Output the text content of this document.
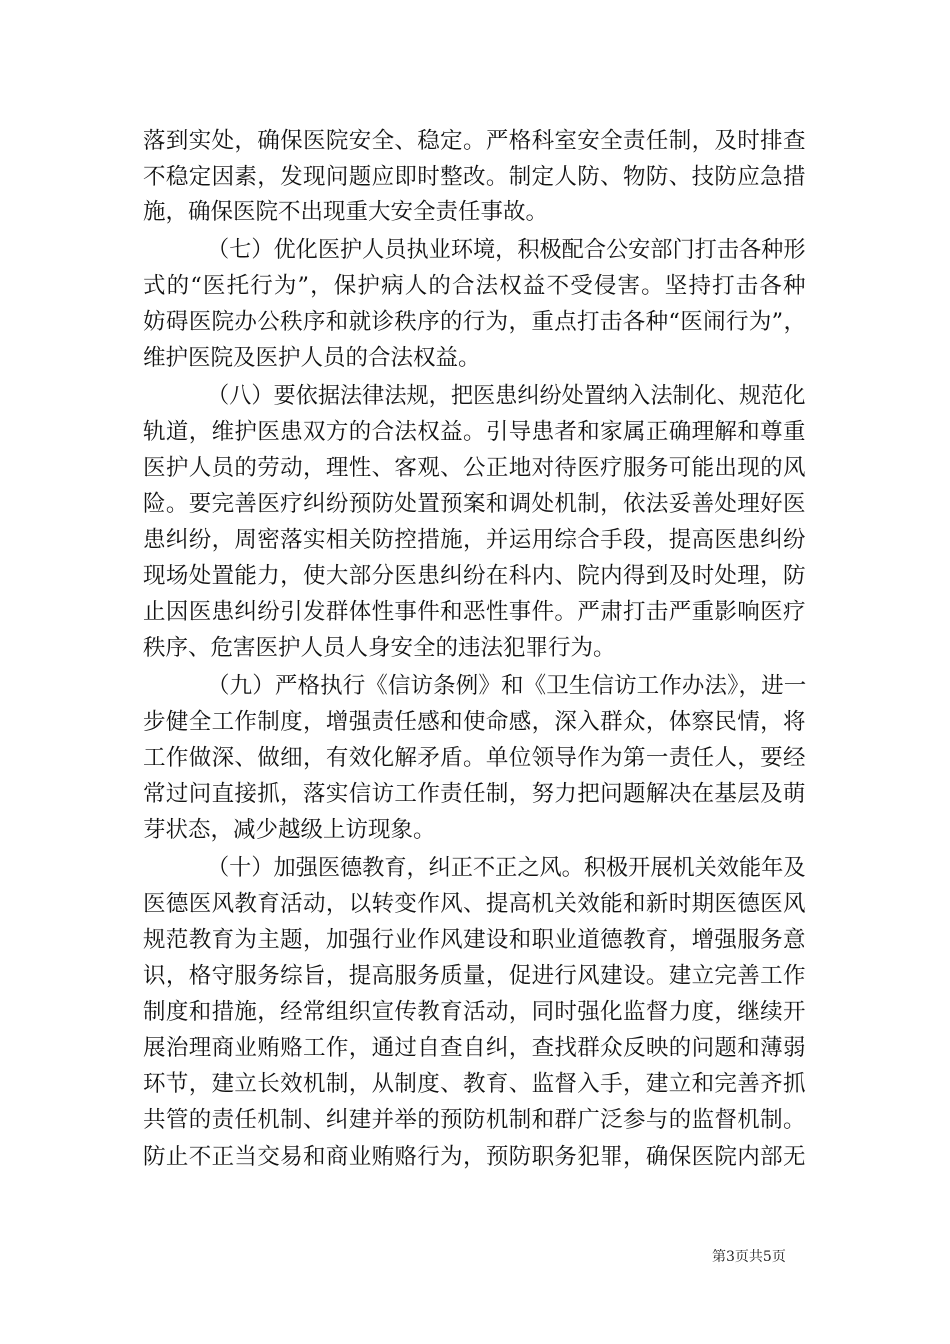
落到实处，确保医院安全、稳定。严格科室安全责任制，及时排查
不稳定因素，发现问题应即时整改。制定人防、物防、技防应急措
施，确保医院不出现重大安全责任事故。
（七）优化医护人员执业环境，积极配合公安部门打击各种形
式的“医托行为”，保护病人的合法权益不受侵害。坚持打击各种
妨碍医院办公秩序和就诊秩序的行为，重点打击各种“医闹行为”，
维护医院及医护人员的合法权益。
（八）要依据法律法规，把医患纠纷处置纳入法制化、规范化
轨道，维护医患双方的合法权益。引导患者和家属正确理解和尊重
医护人员的劳动，理性、客观、公正地对待医疗服务可能出现的风
险。要完善医疗纠纷预防处置预案和调处机制，依法妥善处理好医
患纠纷，周密落实相关防控措施，并运用综合手段，提高医患纠纷
现场处置能力，使大部分医患纠纷在科内、院内得到及时处理，防
止因医患纠纷引发群体性事件和恶性事件。严肃打击严重影响医疗
秩序、危害医护人员人身安全的违法犯罪行为。
（九）严格执行《信访条例》和《卫生信访工作办法》，进一
步健全工作制度，增强责任感和使命感，深入群众，体察民情，将
工作做深、做细，有效化解矛盾。单位领导作为第一责任人，要经
常过问直接抓，落实信访工作责任制，努力把问题解决在基层及萌
芽状态，减少越级上访现象。
（十）加强医德教育，纠正不正之风。积极开展机关效能年及
医德医风教育活动，以转变作风、提高机关效能和新时期医德医风
规范教育为主题，加强行业作风建设和职业道德教育，增强服务意
识，格守服务综旨，提高服务质量，促进行风建设。建立完善工作
制度和措施，经常组织宣传教育活动，同时强化监督力度，继续开
展治理商业贿赂工作，通过自查自纠，查找群众反映的问题和薄弱
环节，建立长效机制，从制度、教育、监督入手，建立和完善齐抓
共管的责任机制、纠建并举的预防机制和群广泛参与的监督机制。
防止不正当交易和商业贿赂行为，预防职务犯罪，确保医院内部无
第3页共5页
